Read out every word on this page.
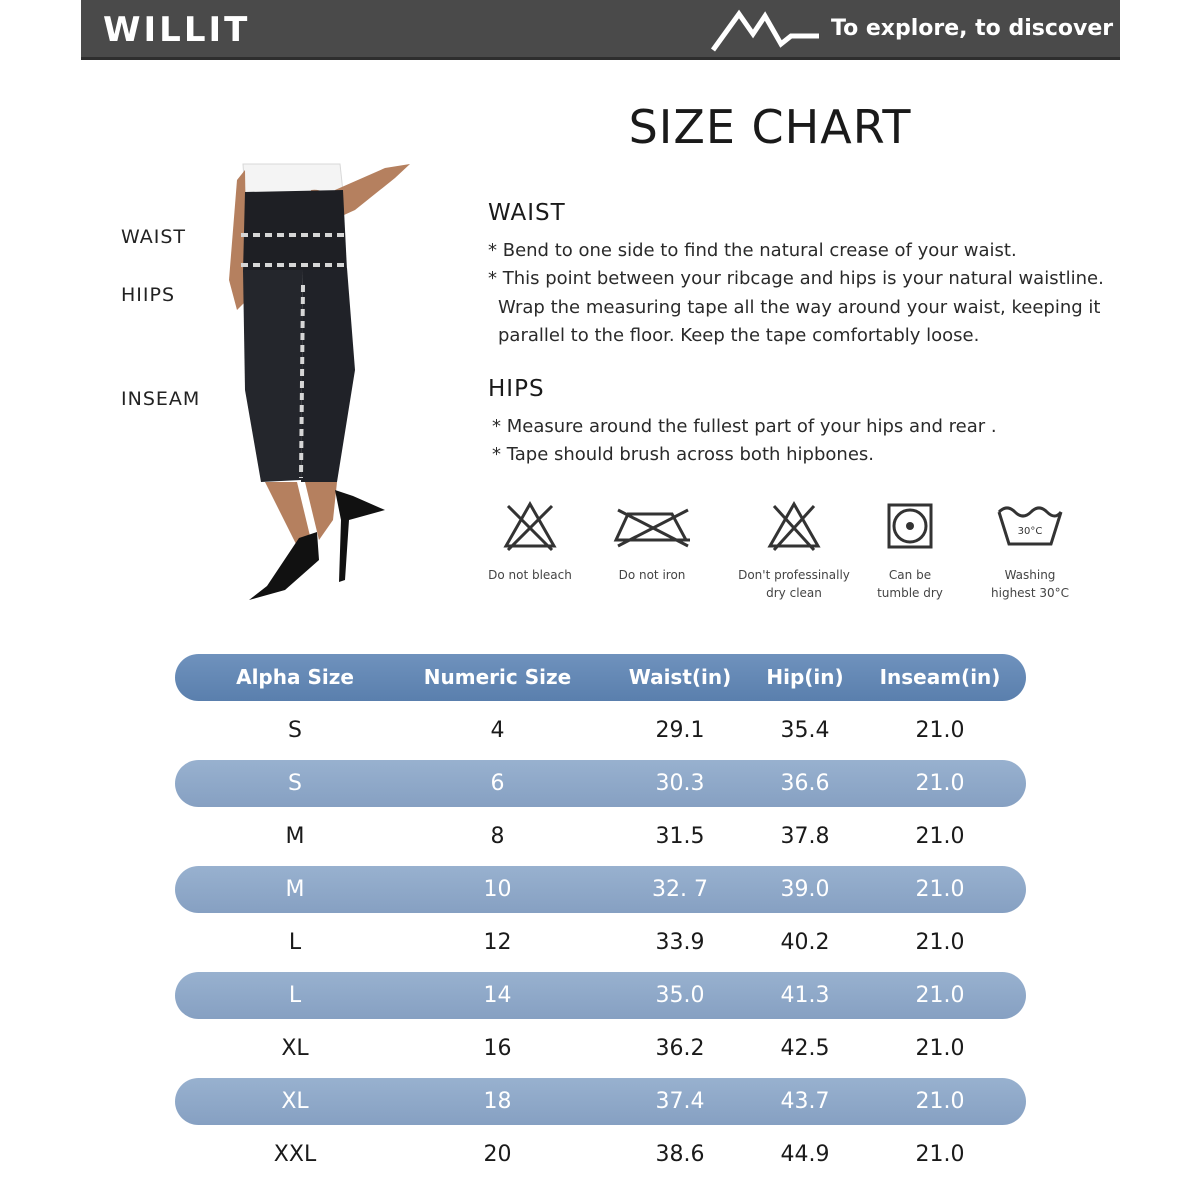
WILLIT	To explore, to discover
SIZE CHART
WAIST
HIIPS
INSEAM
WAIST
* Bend to one side to find the natural crease of your waist.
* This point between your ribcage and hips is your natural waistline.
Wrap the measuring tape all the way around your waist, keeping it
parallel to the floor. Keep the tape comfortably loose.
HIPS
* Measure around the fullest part of your hips and rear .
* Tape should brush across both hipbones.
Do not bleach	Do not iron	Don't professinally
dry clean
Can be
tumble dry
30°C
Washing
highest 30°C
Alpha Size	Numeric Size	Waist(in)	Hip(in)	Inseam(in)
S	4	29.1	35.4	21.0
S	6	30.3	36.6	21.0
M	8	31.5	37.8	21.0
M	10	32. 7	39.0	21.0
L	12	33.9	40.2	21.0
L	14	35.0	41.3	21.0
XL	16	36.2	42.5	21.0
XL	18	37.4	43.7	21.0
XXL	20	38.6	44.9	21.0
